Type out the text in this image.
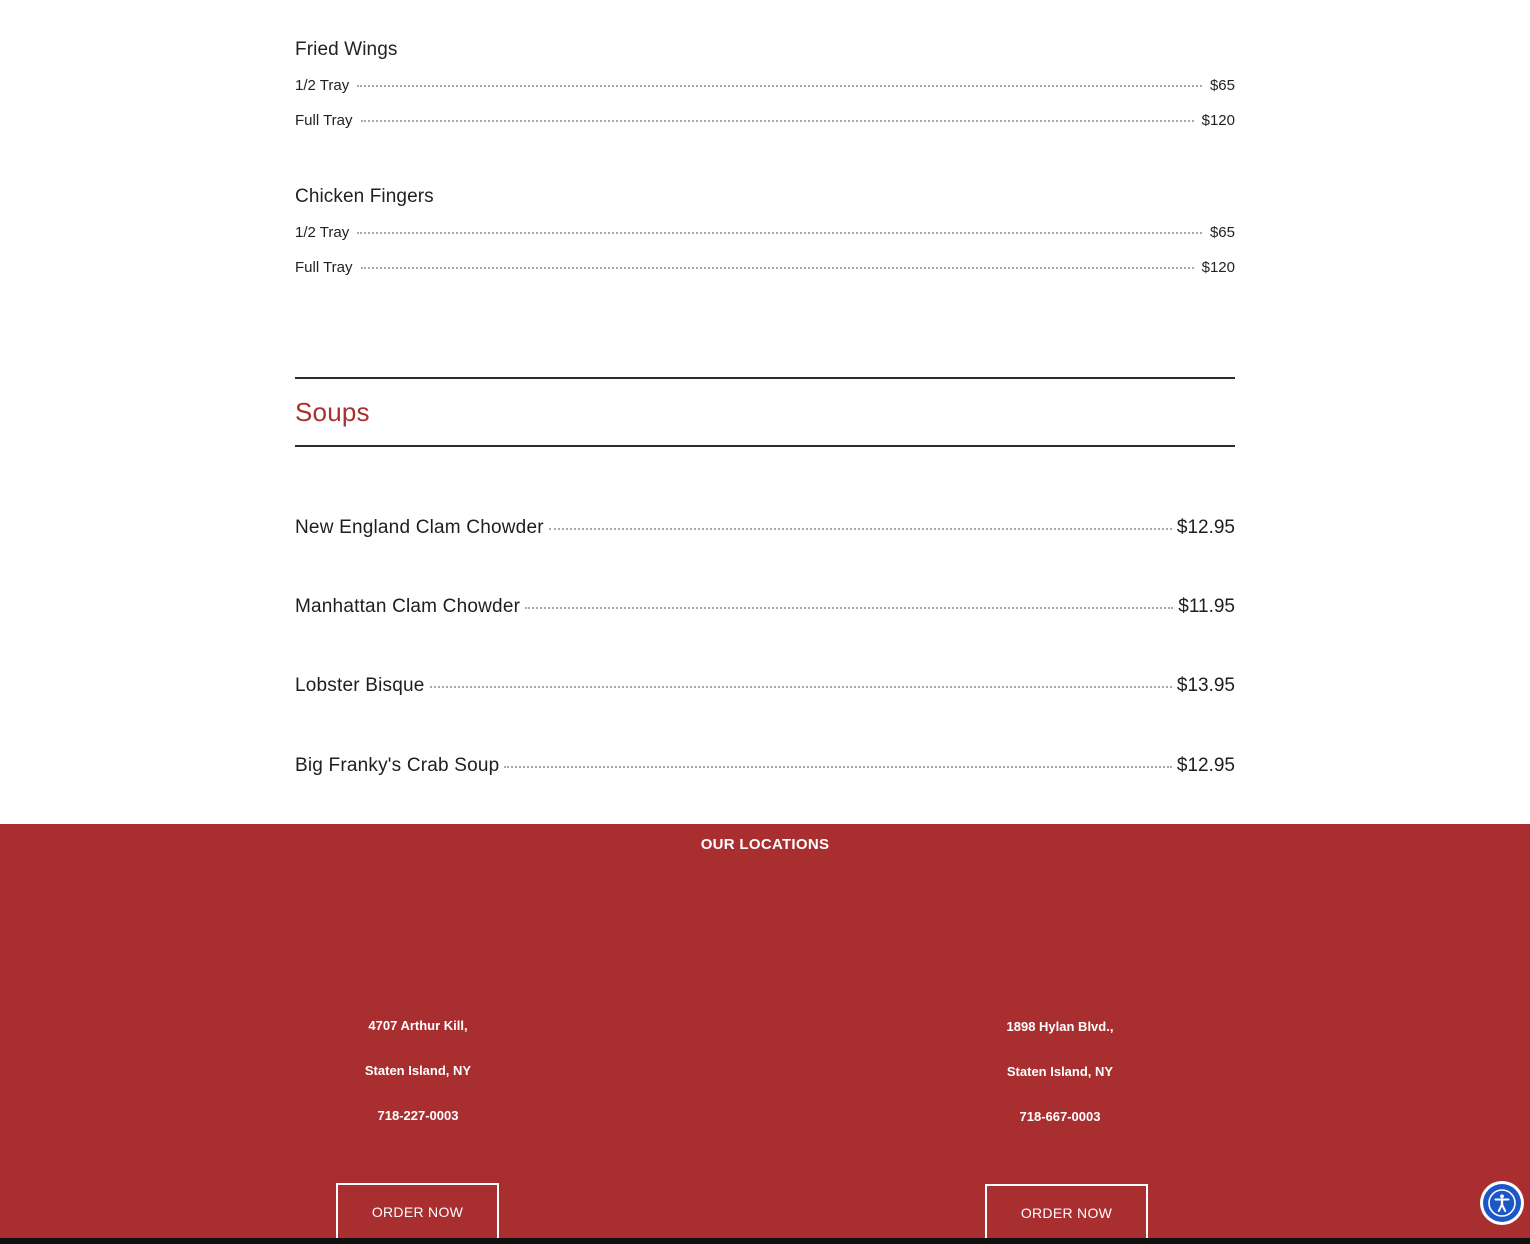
Fried Wings
1/2 Tray	$65
Full Tray	$120
Chicken Fingers
1/2 Tray	$65
Full Tray	$120
Soups
New England Clam Chowder	$12.95
Manhattan Clam Chowder	$11.95
Lobster Bisque	$13.95
Big Franky's Crab Soup	$12.95
OUR LOCATIONS
4707 Arthur Kill,
Staten Island, NY
718-227-0003
ORDER NOW
1898 Hylan Blvd.,
Staten Island, NY
718-667-0003
ORDER NOW
